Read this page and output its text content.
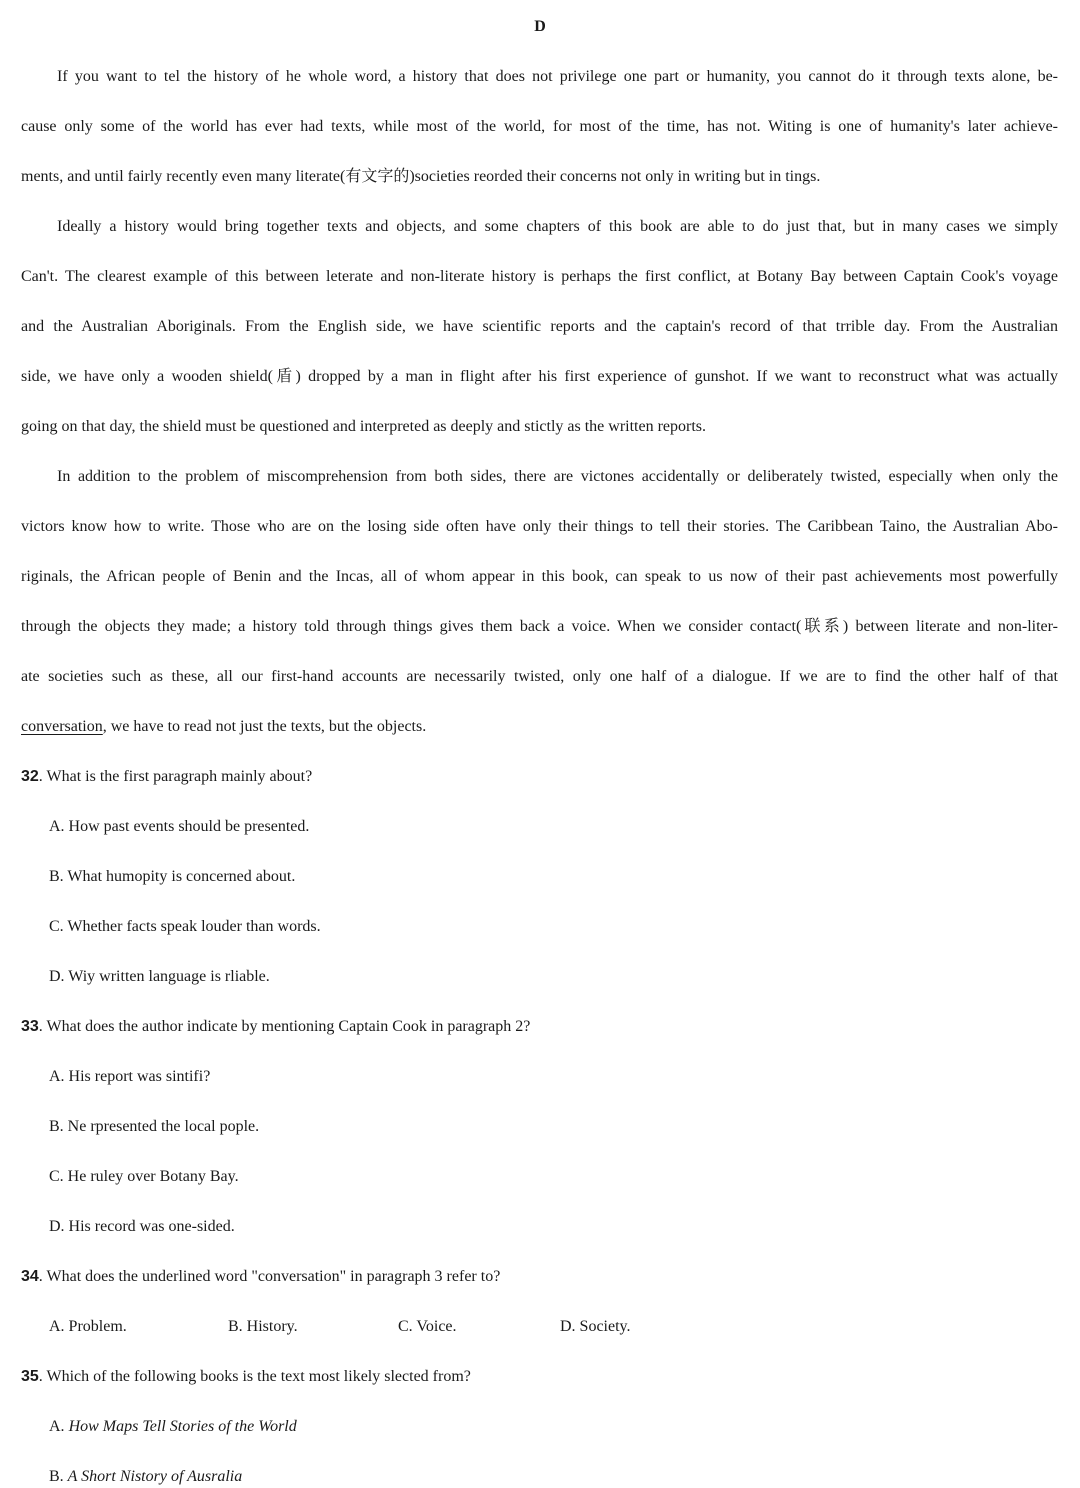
D
If you want to tel the history of he whole word, a history that does not privilege one part or humanity, you cannot do it through texts alone, be-
cause only some of the world has ever had texts, while most of the world, for most of the time, has not. Witing is one of humanity's later achieve-
ments, and until fairly recently even many literate(有文字的)societies reorded their concerns not only in writing but in tings.
Ideally a history would bring together texts and objects, and some chapters of this book are able to do just that, but in many cases we simply
Can't. The clearest example of this between leterate and non-literate history is perhaps the first conflict, at Botany Bay between Captain Cook's voyage
and the Australian Aboriginals. From the English side, we have scientific reports and the captain's record of that trrible day. From the Australian
side, we have only a wooden shield(盾) dropped by a man in flight after his first experience of gunshot. If we want to reconstruct what was actually
going on that day, the shield must be questioned and interpreted as deeply and stictly as the written reports.
In addition to the problem of miscomprehension from both sides, there are victones accidentally or deliberately twisted, especially when only the
victors know how to write. Those who are on the losing side often have only their things to tell their stories. The Caribbean Taino, the Australian Abo-
riginals, the African people of Benin and the Incas, all of whom appear in this book, can speak to us now of their past achievements most powerfully
through the objects they made; a history told through things gives them back a voice. When we consider contact(联系) between literate and non-liter-
ate societies such as these, all our first-hand accounts are necessarily twisted, only one half of a dialogue. If we are to find the other half of that
conversation, we have to read not just the texts, but the objects.
32. What is the first paragraph mainly about?
A. How past events should be presented.
B. What humopity is concerned about.
C. Whether facts speak louder than words.
D. Wiy written language is rliable.
33. What does the author indicate by mentioning Captain Cook in paragraph 2?
A. His report was sintifi?
B. Ne rpresented the local pople.
C. He ruley over Botany Bay.
D. His record was one-sided.
34. What does the underlined word "conversation" in paragraph 3 refer to?
A. Problem.	B. History.	C. Voice.	D. Society.
35. Which of the following books is the text most likely slected from?
A. How Maps Tell Stories of the World
B. A Short Nistory of Ausralia
